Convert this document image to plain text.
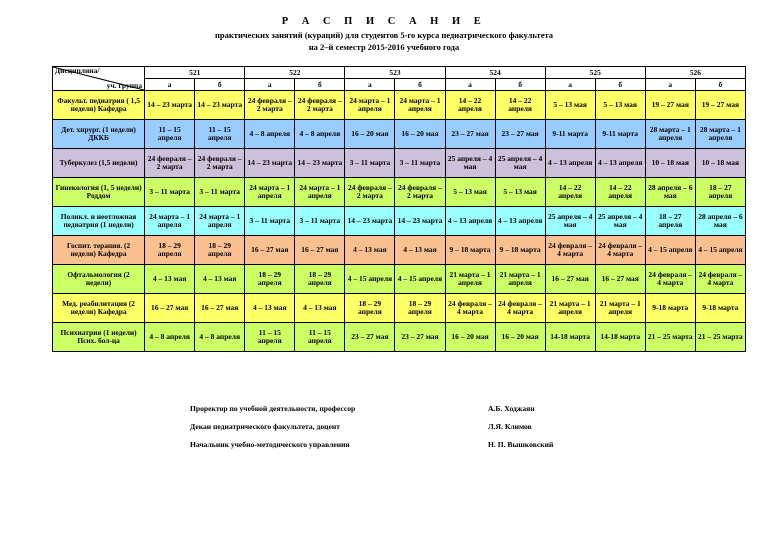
Р А С П И С А Н И Е
практических занятий (кураций) для студентов 5-го курса педиатрического факультета
на 2–й семестр 2015-2016 учебного года
Дисциплина/
уч. группа	521		522		523		524		525		526	
	а	б	а	б	а	б	а	б	а	б	а	б
Факульт. педиатрия ( 1,5 недели) Кафедра	14 – 23 марта	14 – 23 марта	24 февраля – 2 марта	24 февраля – 2 марта	24 марта – 1 апреля	24 марта – 1 апреля	14 – 22 апреля	14 – 22 апреля	5 – 13 мая	5 – 13 мая	19 – 27 мая	19 – 27 мая
Дет. хирург. (1 недели) ДККБ	11 – 15 апреля	11 – 15 апреля	4 – 8 апреля	4 – 8 апреля	16 – 20 мая	16 – 20 мая	23 – 27 мая	23 – 27 мая	9-11 марта	9-11 марта	28 марта – 1 апреля	28 марта – 1 апреля
Туберкулез (1,5 недели)	24 февраля – 2 марта	24 февраля – 2 марта	14 – 23 марта	14 – 23 марта	3 – 11 марта	3 – 11 марта	25 апреля – 4 мая	25 апреля – 4 мая	4 – 13 апреля	4 – 13 апреля	10 – 18 мая	10 – 18 мая
Гинекология (1, 5 недели) Роддом	3 – 11 марта	3 – 11 марта	24 марта – 1 апреля	24 марта – 1 апреля	24 февраля – 2 марта	24 февраля – 2 марта	5 – 13 мая	5 – 13 мая	14 – 22 апреля	14 – 22 апреля	28 апреля – 6 мая	18 – 27 апреля
Поликл. и неотложная педиатрия (1 недели)	24 марта – 1 апреля	24 марта – 1 апреля	3 – 11 марта	3 – 11 марта	14 – 23 марта	14 – 23 марта	4 – 13 апреля	4 – 13 апреля	25 апреля – 4 мая	25 апреля – 4 мая	18 – 27 апреля	28 апреля – 6 мая
Госпит. терапия. (2 недели) Кафедра	18 – 29 апреля	18 – 29 апреля	16 – 27 мая	16 – 27 мая	4 – 13 мая	4 – 13 мая	9 – 18 марта	9 – 18 марта	24 февраля – 4 марта	24 февраля – 4 марта	4 – 15 апреля	4 – 15 апреля
Офтальмология (2 недели)	4 – 13 мая	4 – 13 мая	18 – 29 апреля	18 – 29 апреля	4 – 15 апреля	4 – 15 апреля	21 марта – 1 апреля	21 марта – 1 апреля	16 – 27 мая	16 – 27 мая	24 февраля – 4 марта	24 февраля – 4 марта
Мед. реабилитация (2 недели) Кафедра	16 – 27 мая	16 – 27 мая	4 – 13 мая	4 – 13 мая	18 – 29 апреля	18 – 29 апреля	24 февраля – 4 марта	24 февраля – 4 марта	21 марта – 1 апреля	21 марта – 1 апреля	9-18 марта	9-18 марта
Психиатрия (1 недели) Псих. бол-ца	4 – 8 апреля	4 – 8 апреля	11 – 15 апреля	11 – 15 апреля	23 – 27 мая	23 – 27 мая	16 – 20 мая	16 – 20 мая	14-18 марта	14-18 марта	21 – 25 марта	21 – 25 марта
Проректор по учебной деятельности, профессор	А.Б. Ходжаян
Декан педиатрического факультета, доцент	Л.Я. Климов
Начальник учебно-методического управления	Н. П. Вышковский
